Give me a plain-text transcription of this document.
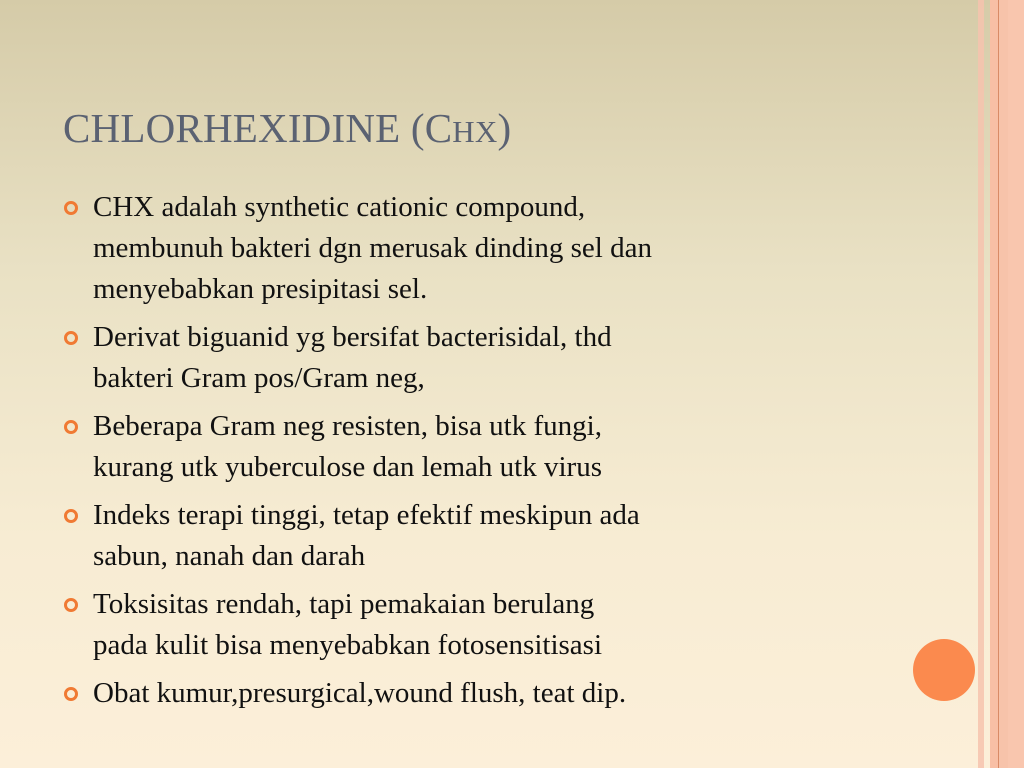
CHLORHEXIDINE (CHX)
CHX adalah synthetic cationic compound,
membunuh bakteri dgn merusak dinding sel dan
menyebabkan presipitasi sel.
Derivat biguanid yg bersifat bacterisidal, thd
bakteri Gram pos/Gram neg,
Beberapa Gram neg resisten, bisa utk fungi,
kurang utk yuberculose dan lemah utk virus
Indeks terapi tinggi, tetap efektif meskipun ada
sabun, nanah dan darah
Toksisitas rendah, tapi pemakaian berulang
pada kulit bisa menyebabkan fotosensitisasi
Obat kumur,presurgical,wound flush, teat dip.
